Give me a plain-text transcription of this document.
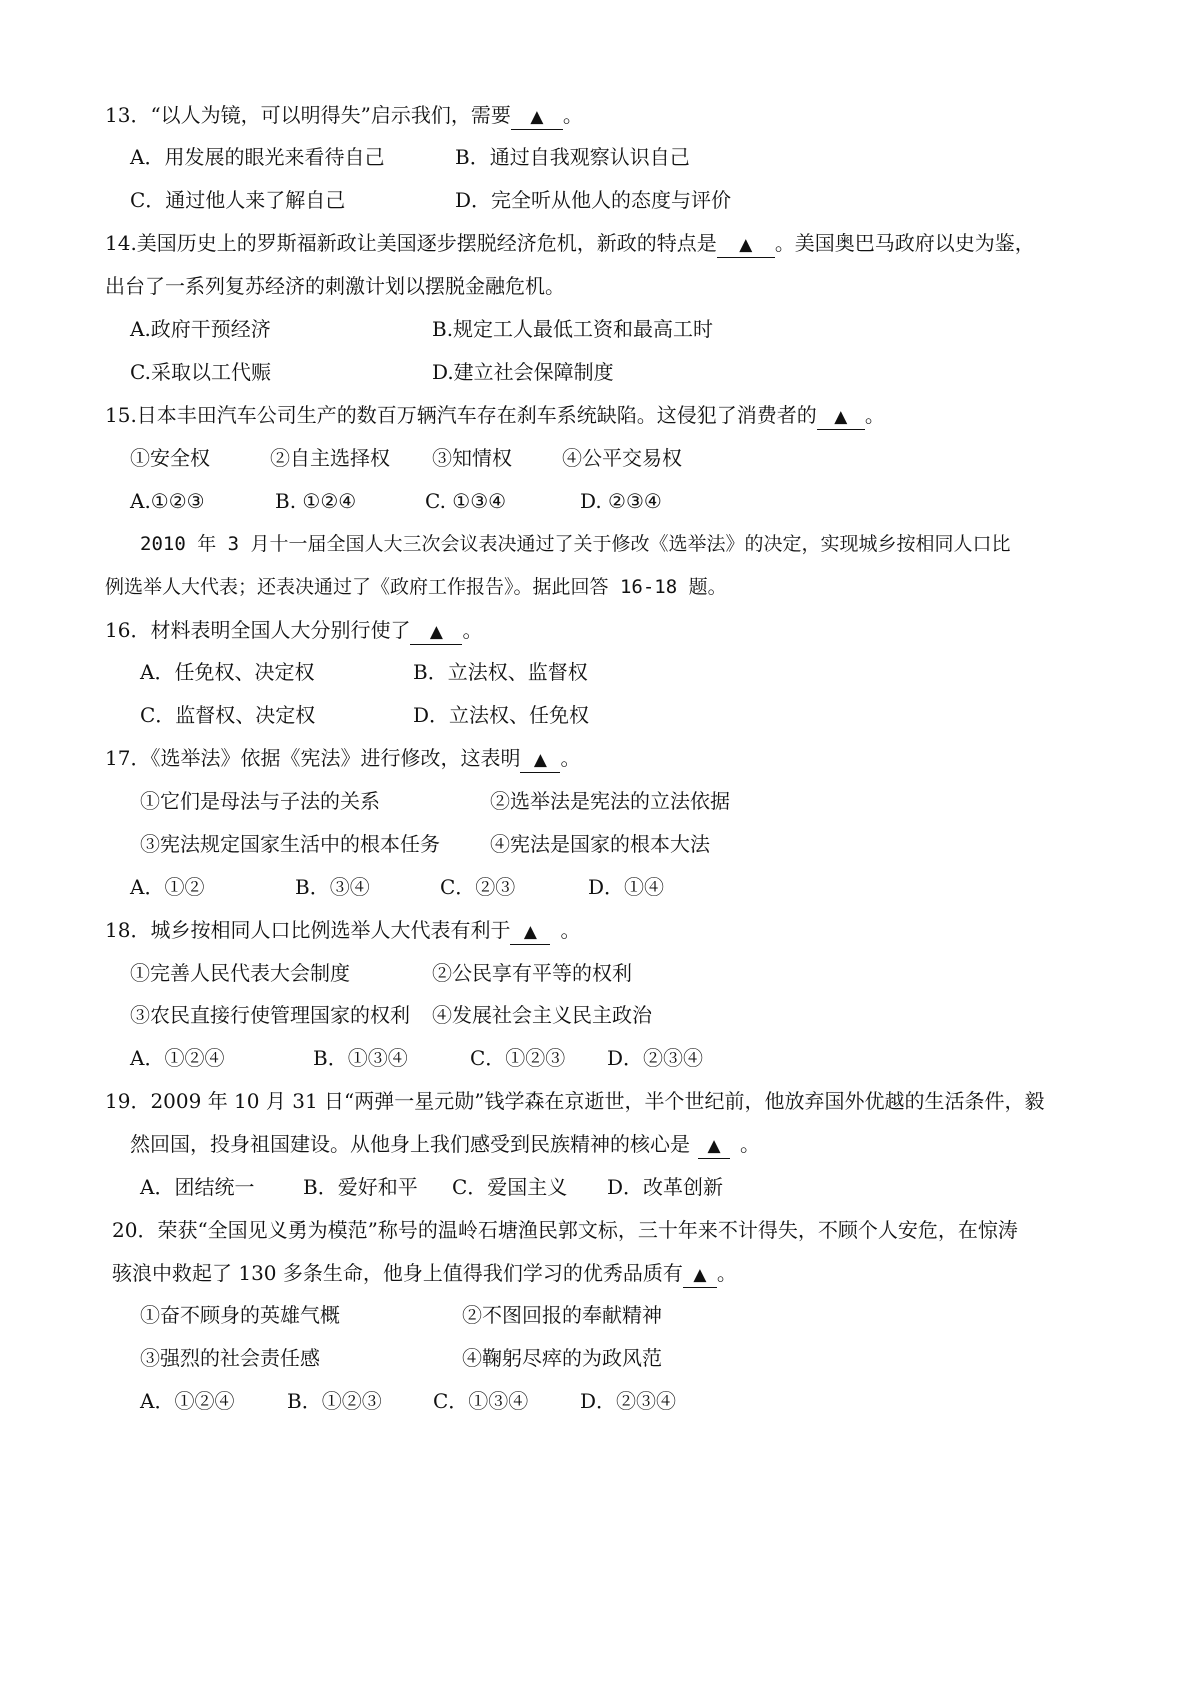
13．“以人为镜，可以明得失”启示我们，需要 ▲ 。
A．用发展的眼光来看待自己	B．通过自我观察认识自己
C．通过他人来了解自己	D．完全听从他人的态度与评价
14.美国历史上的罗斯福新政让美国逐步摆脱经济危机，新政的特点是 ▲ 。美国奥巴马政府以史为鉴，
出台了一系列复苏经济的刺激计划以摆脱金融危机。
A.政府干预经济	B.规定工人最低工资和最高工时
C.采取以工代赈	D.建立社会保障制度
15.日本丰田汽车公司生产的数百万辆汽车存在刹车系统缺陷。这侵犯了消费者的 ▲ 。
①安全权	②自主选择权 ③知情权	④公平交易权
A.①②③	B. ①②④	C. ①③④	D. ②③④
2010 年 3 月十一届全国人大三次会议表决通过了关于修改《选举法》的决定，实现城乡按相同人口比
例选举人大代表；还表决通过了《政府工作报告》。据此回答 16-18 题。
16．材料表明全国人大分别行使了 ▲ 。
A．任免权、决定权	B．立法权、监督权
C．监督权、决定权	D．立法权、任免权
17．《选举法》依据《宪法》进行修改，这表明 ▲ 。
①它们是母法与子法的关系	②选举法是宪法的立法依据
③宪法规定国家生活中的根本任务	④宪法是国家的根本大法
A．①②	B．③④	C．②③	D．①④
18．城乡按相同人口比例选举人大代表有利于 ▲ 。
①完善人民代表大会制度	②公民享有平等的权利
③农民直接行使管理国家的权利 ④发展社会主义民主政治
A．①②④	B．①③④	C．①②③ D．②③④
19．2009 年 10 月 31 日“两弹一星元勋”钱学森在京逝世，半个世纪前，他放弃国外优越的生活条件，毅
然回国，投身祖国建设。从他身上我们感受到民族精神的核心是 ▲ 。
A．团结统一 B．爱好和平 C．爱国主义 D．改革创新
20．荣获“全国见义勇为模范”称号的温岭石塘渔民郭文标，三十年来不计得失，不顾个人安危，在惊涛
骇浪中救起了 130 多条生命，他身上值得我们学习的优秀品质有 ▲ 。
①奋不顾身的英雄气概	②不图回报的奉献精神
③强烈的社会责任感	④鞠躬尽瘁的为政风范
A．①②④	B．①②③	C．①③④	D．②③④
